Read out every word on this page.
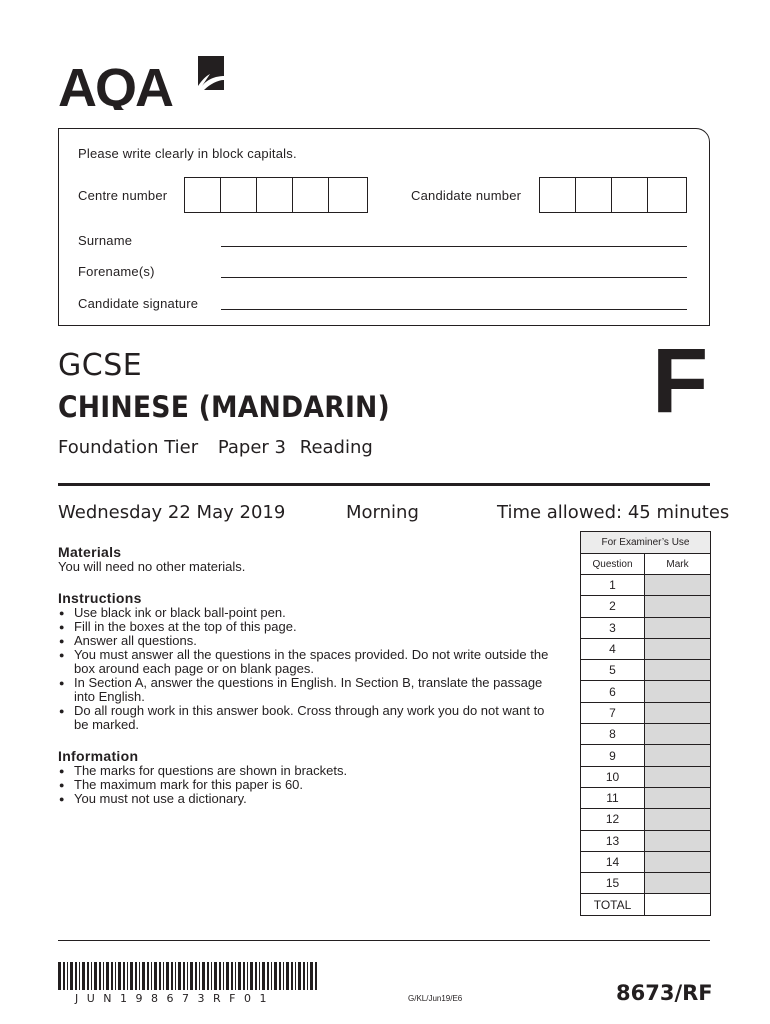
AQA
Please write clearly in block capitals.
Centre number	Candidate number
Surname
Forename(s)
Candidate signature
GCSE
CHINESE (MANDARIN)
Foundation Tier Paper 3 Reading
F
Wednesday 22 May 2019	Morning	Time allowed: 45 minutes
Materials

You will need no other materials.

Instructions
● Use black ink or black ball-point pen.
● Fill in the boxes at the top of this page.
● Answer all questions.
● You must answer all the questions in the spaces provided. Do not write outside the box around each page or on blank pages.
● In Section A, answer the questions in English. In Section B, translate the passage into English.
● Do all rough work in this answer book. Cross through any work you do not want to be marked.
Information
● The marks for questions are shown in brackets.
● The maximum mark for this paper is 60.
● You must not use a dictionary.
For Examiner’s Use	
Question	Mark
1	
2	
3	
4	
5	
6	
7	
8	
9	
10	
11	
12	
13	
14	
15	
TOTAL	
JUN198673RF01	G/KL/Jun19/E6	8673/RF
